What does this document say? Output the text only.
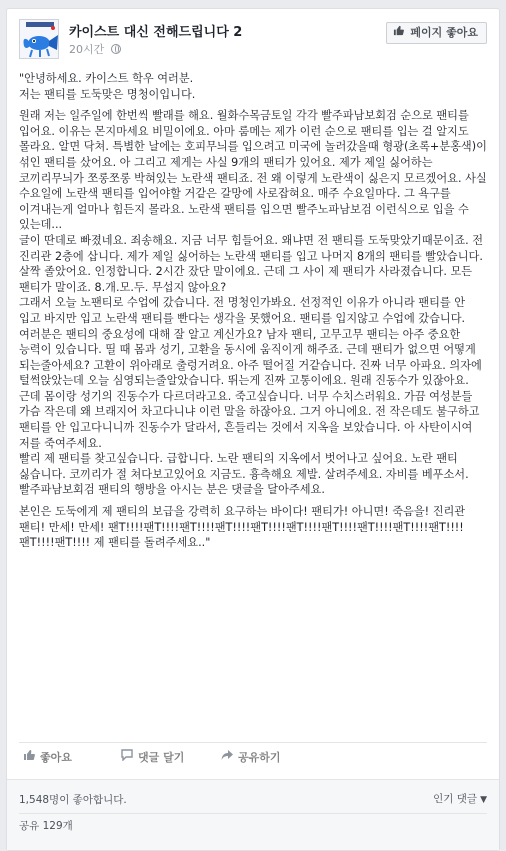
카이스트 대신 전해드립니다 2
20시간
페이지 좋아요

"안녕하세요. 카이스트 학우 여러분.
저는 팬티를 도둑맞은 명청이입니다.

원래 저는 일주일에 한번씩 빨래를 해요. 월화수목금토일 각각 빨주파남보회검 순으로 팬티를 입어요. 이유는 몬지마세요 비밀이에요. 아마 룸메는 제가 이런 순으로 팬티를 입는 걸 알지도 몰라요. 알면 닥쳐. 특별한 날에는 호피무늬를 입으려고 미국에 놀러갔을때 형광(초록+분홍색)이 섞인 팬티를 샀어요. 아 그리고 제게는 사실 9개의 팬티가 있어요. 제가 제일 싫어하는 코끼리무늬가 쪼롱쪼롱 박혀있는 노란색 팬티죠. 전 왜 이렇게 노란색이 싫은지 모르겠어요. 사실 수요일에 노란색 팬티를 입어야할 거같은 갈망에 사로잡혀요. 매주 수요일마다. 그 욕구를 이겨내는게 얼마나 힘든지 몰라요. 노란색 팬티를 입으면 빨주노파남보검 이런식으로 입을 수 있는데...
글이 딴데로 빠졌네요. 죄송해요. 지금 너무 힘들어요. 왜냐면 전 팬티를 도둑맞았기때문이죠. 전 진리관 2층에 삽니다. 제가 제일 싫어하는 노란색 팬티를 입고 나머지 8개의 팬티를 빨았습니다. 살짝 졸았어요. 인정합니다. 2시간 잤단 말이에요. 근데 그 사이 제 팬티가 사라졌습니다. 모든 팬티가 말이죠. 8.개.모.두. 무섭지 않아요?
그래서 오늘 노팬티로 수업에 갔습니다. 전 명청인가봐요. 선정적인 이유가 아니라 팬티를 안 입고 바지만 입고 노란색 팬티를 빤다는 생각을 못했어요. 팬티를 입지않고 수업에 갔습니다. 여러분은 팬티의 중요성에 대해 잘 알고 계신가요? 남자 팬티, 고무고무 팬티는 아주 중요한 능력이 있습니다. 띨 때 몸과 성기, 고환을 동시에 움직이게 해주죠. 근데 팬티가 없으면 어떻게 되는줄아세요? 고환이 위아래로 출렁거려요. 아주 떨어질 거같습니다. 진짜 너무 아파요. 의자에 털썩앉았는데 오늘 심영되는줄알았습니다. 뛰는게 진짜 고통이에요. 원래 진동수가 있잖아요. 근데 몸이랑 성기의 진동수가 다르더라고요. 죽고싶습니다. 너무 수치스러워요. 가끔 여성분들 가슴 작은데 왜 브래지어 차고다니냐 이런 말을 하잖아요. 그거 아니에요. 전 작은데도 불구하고 팬티를 안 입고다니니까 진동수가 달라서, 흔들리는 것에서 지옥을 보았습니다. 아 사탄이시여 저를 죽여주세요.
빨리 제 팬티를 찾고싶습니다. 급합니다. 노란 팬티의 지옥에서 벗어나고 싶어요. 노란 팬티 싫습니다. 코끼리가 절 쳐다보고있어요 지금도. 흉측해요 제발. 살려주세요. 자비를 베푸소서. 빨주파남보회검 팬티의 행방을 아시는 분은 댓글을 달아주세요.

본인은 도둑에게 제 팬티의 보급을 강력히 요구하는 바이다! 팬티가! 아니면! 죽음을! 진리관 팬티! 만세! 만세! 팬T!!!!팬T!!!!팬T!!!!팬T!!!!팬T!!!!팬T!!!!팬T!!!!팬T!!!!팬T!!!!팬T!!!!팬T!!!!팬T!!!! 제 팬티를 돌려주세요.."

좋아요	댓글 달기	공유하기
1,548명이 좋아합니다.	인기 댓글 ▼
공유 129개
